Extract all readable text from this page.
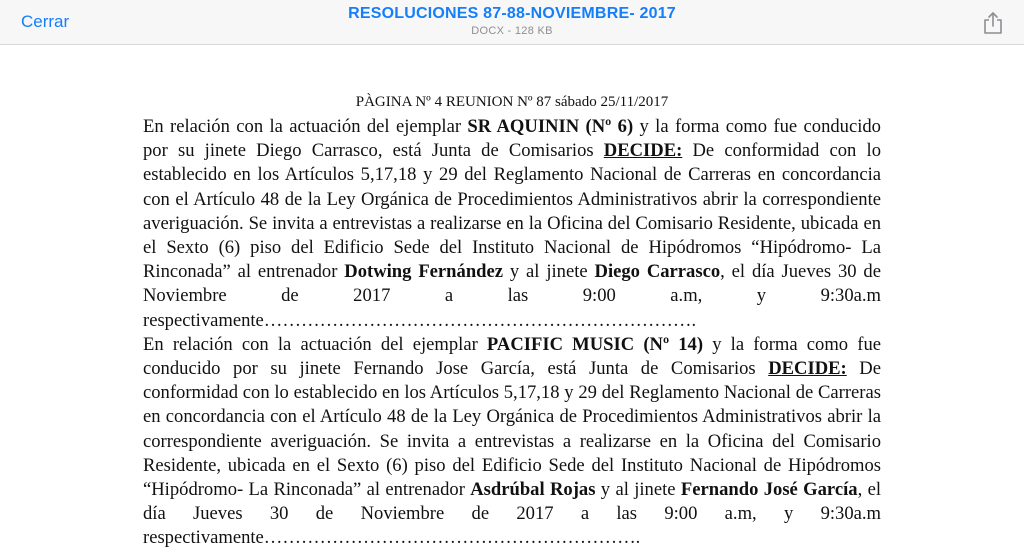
Cerrar	RESOLUCIONES 87-88-NOVIEMBRE- 2017
DOCX - 128 KB
PÀGINA Nº 4 REUNION Nº 87 sábado 25/11/2017

En relación con la actuación del ejemplar SR AQUININ (Nº 6) y la forma como fue conducido por su jinete Diego Carrasco, está Junta de Comisarios DECIDE: De conformidad con lo establecido en los Artículos 5,17,18 y 29 del Reglamento Nacional de Carreras en concordancia con el Artículo 48 de la Ley Orgánica de Procedimientos Administrativos abrir la correspondiente averiguación. Se invita a entrevistas a realizarse en la Oficina del Comisario Residente, ubicada en el Sexto (6) piso del Edificio Sede del Instituto Nacional de Hipódromos “Hipódromo- La Rinconada” al entrenador Dotwing Fernández y al jinete Diego Carrasco, el día Jueves 30 de Noviembre de 2017 a las 9:00 a.m, y 9:30a.m respectivamente…………………………………………………………….

En relación con la actuación del ejemplar PACIFIC MUSIC (Nº 14) y la forma como fue conducido por su jinete Fernando Jose García, está Junta de Comisarios DECIDE: De conformidad con lo establecido en los Artículos 5,17,18 y 29 del Reglamento Nacional de Carreras en concordancia con el Artículo 48 de la Ley Orgánica de Procedimientos Administrativos abrir la correspondiente averiguación. Se invita a entrevistas a realizarse en la Oficina del Comisario Residente, ubicada en el Sexto (6) piso del Edificio Sede del Instituto Nacional de Hipódromos “Hipódromo- La Rinconada” al entrenador Asdrúbal Rojas y al jinete Fernando José García, el día Jueves 30 de Noviembre de 2017 a las 9:00 a.m, y 9:30a.m respectivamente…………………………………………………….
